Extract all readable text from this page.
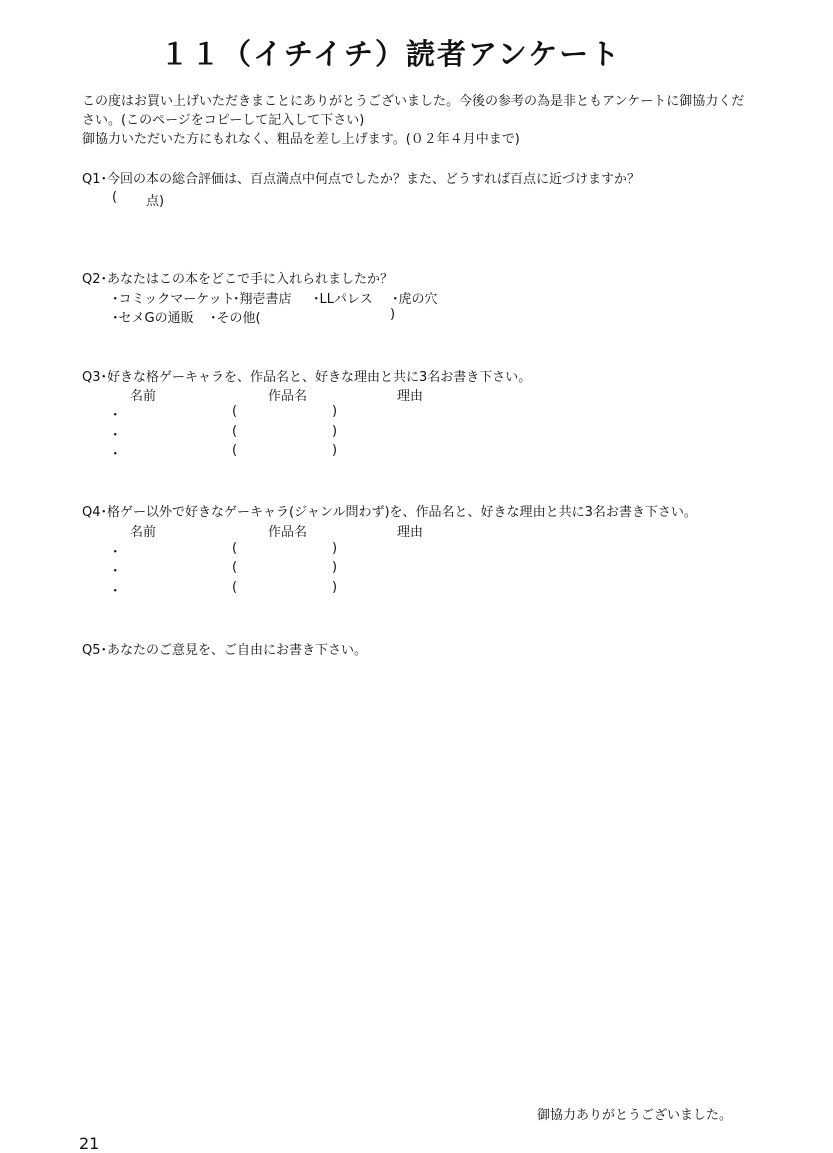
１１（イチイチ）読者アンケート
この度はお買い上げいただきまことにありがとうございました。今後の参考の為是非ともアンケートに御協力くだ
さい。(このページをコピーして記入して下さい)
御協力いただいた方にもれなく、粗品を差し上げます。(０２年４月中まで)
Q1･今回の本の総合評価は、百点満点中何点でしたか？また、どうすれば百点に近づけますか？
( 点)
Q2･あなたはこの本をどこで手に入れられましたか？
･コミックマーケット
･翔壱書店 ･LLパレス ･虎の穴
･セメGの通販 ･その他(	)
Q3･好きな格ゲーキャラを、作品名と、好きな理由と共に3名お書き下さい。
名前	作品名	理由
･	(	)
･	(	)
･	(	)
Q4･格ゲー以外で好きなゲーキャラ(ジャンル問わず)を、作品名と、好きな理由と共に3名お書き下さい。
名前	作品名	理由
･	(	)
･	(	)
･	(	)
Q5･あなたのご意見を、ご自由にお書き下さい。
御協力ありがとうございました。
21
